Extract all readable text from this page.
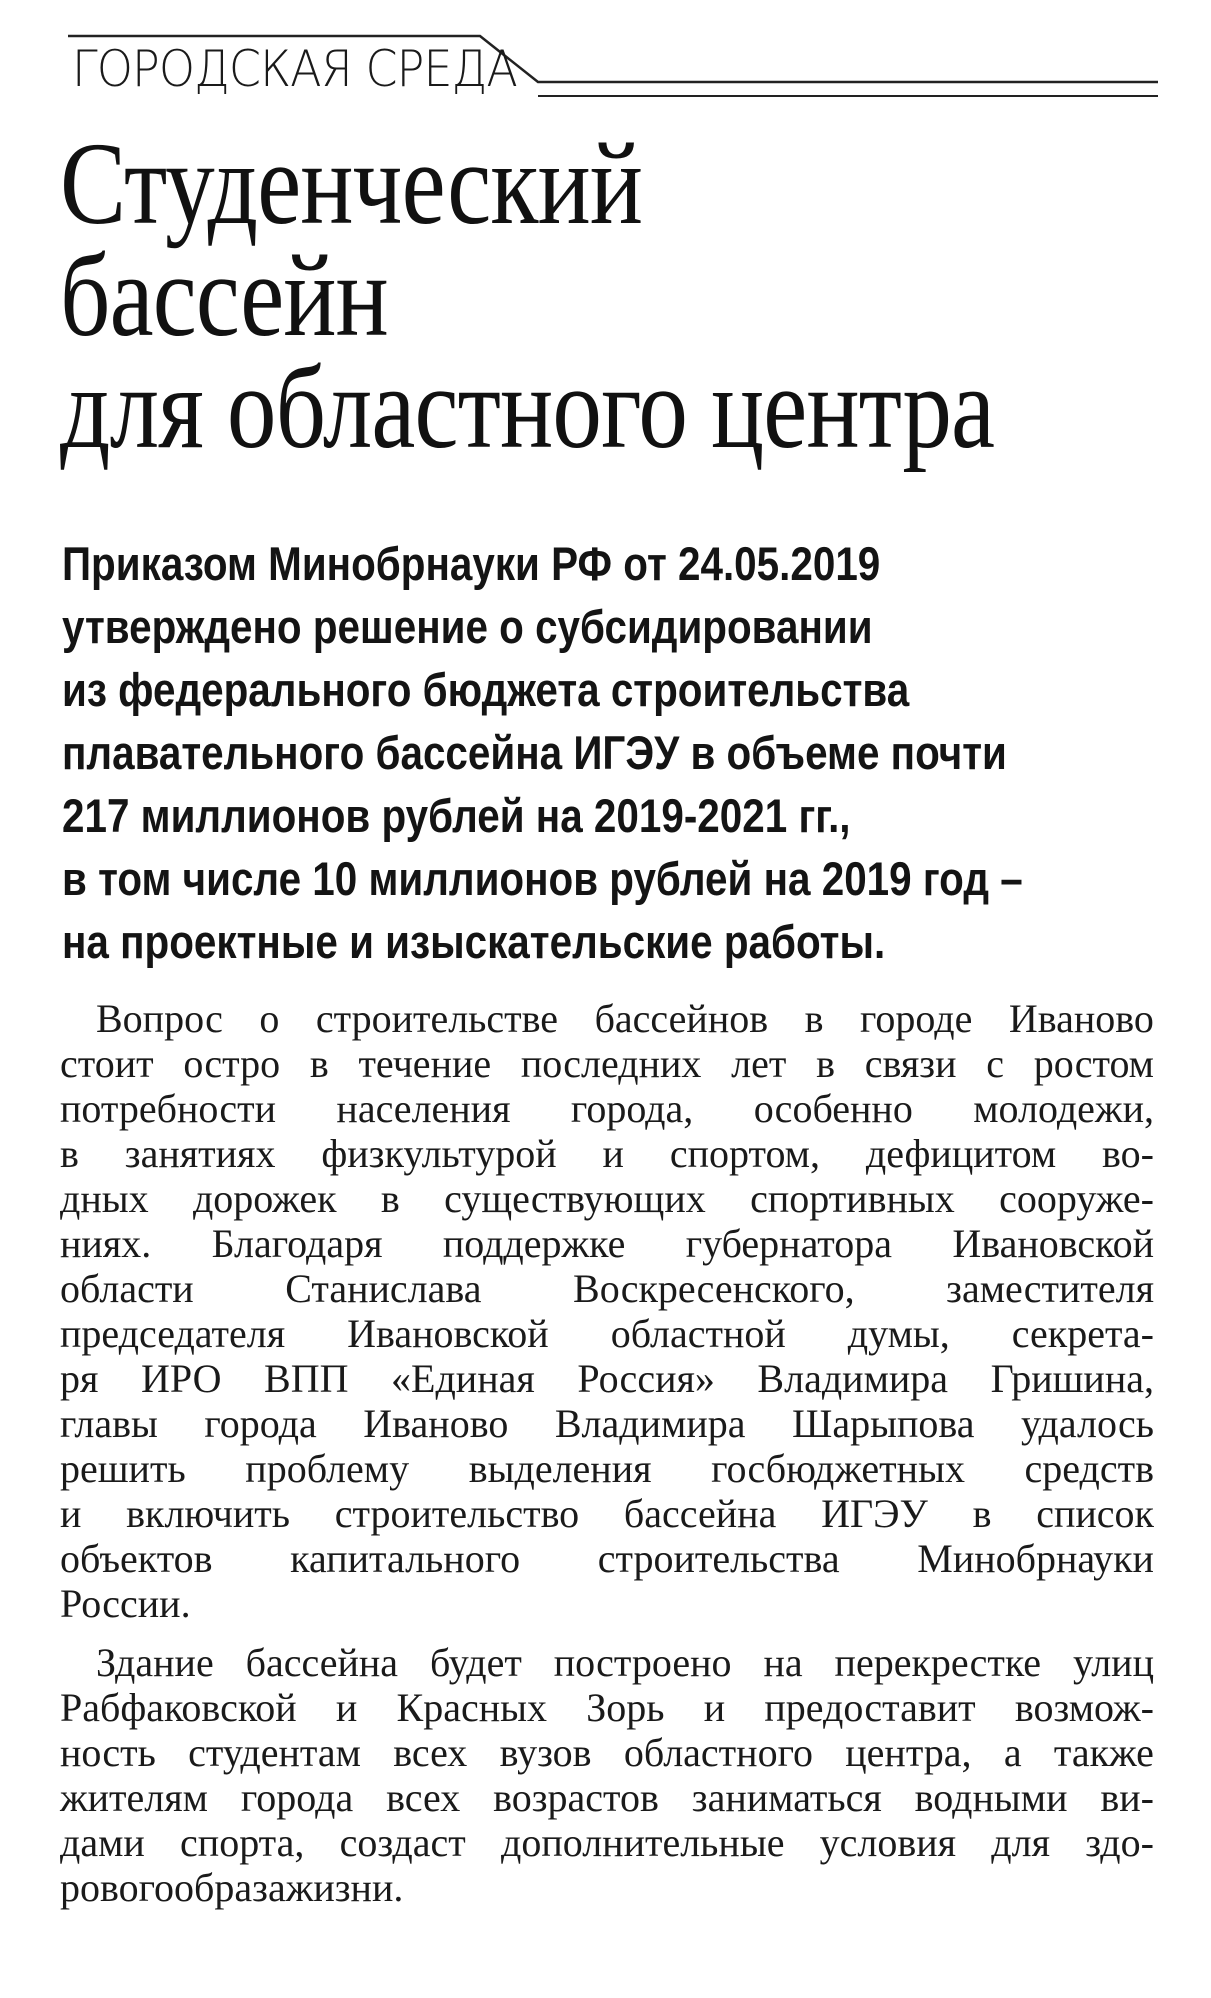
ГОРОДСКАЯ СРЕДА
Студенческий
бассейн
для областного центра
Приказом Минобрнауки РФ от 24.05.2019
утверждено решение о субсидировании
из федерального бюджета строительства
плавательного бассейна ИГЭУ в объеме почти
217 миллионов рублей на 2019-2021 гг.,
в том числе 10 миллионов рублей на 2019 год –
на проектные и изыскательские работы.

Вопрос о строительстве бассейнов в городе Иваново
стоит остро в течение последних лет в связи с ростом
потребности населения города, особенно молодежи,
в занятиях физкультурой и спортом, дефицитом во-
дных дорожек в существующих спортивных сооруже-
ниях. Благодаря поддержке губернатора Ивановской
области Станислава Воскресенского, заместителя
председателя Ивановской областной думы, секрета-
ря ИРО ВПП «Единая Россия» Владимира Гришина,
главы города Иваново Владимира Шарыпова удалось
решить проблему выделения госбюджетных средств
и включить строительство бассейна ИГЭУ в список
объектов капитального строительства Минобрнауки
России.

Здание бассейна будет построено на перекрестке улиц
Рабфаковской и Красных Зорь и предоставит возмож-
ность студентам всех вузов областного центра, а также
жителям города всех возрастов заниматься водными ви-
дами спорта, создаст дополнительные условия для здо-
рового образа жизни.
